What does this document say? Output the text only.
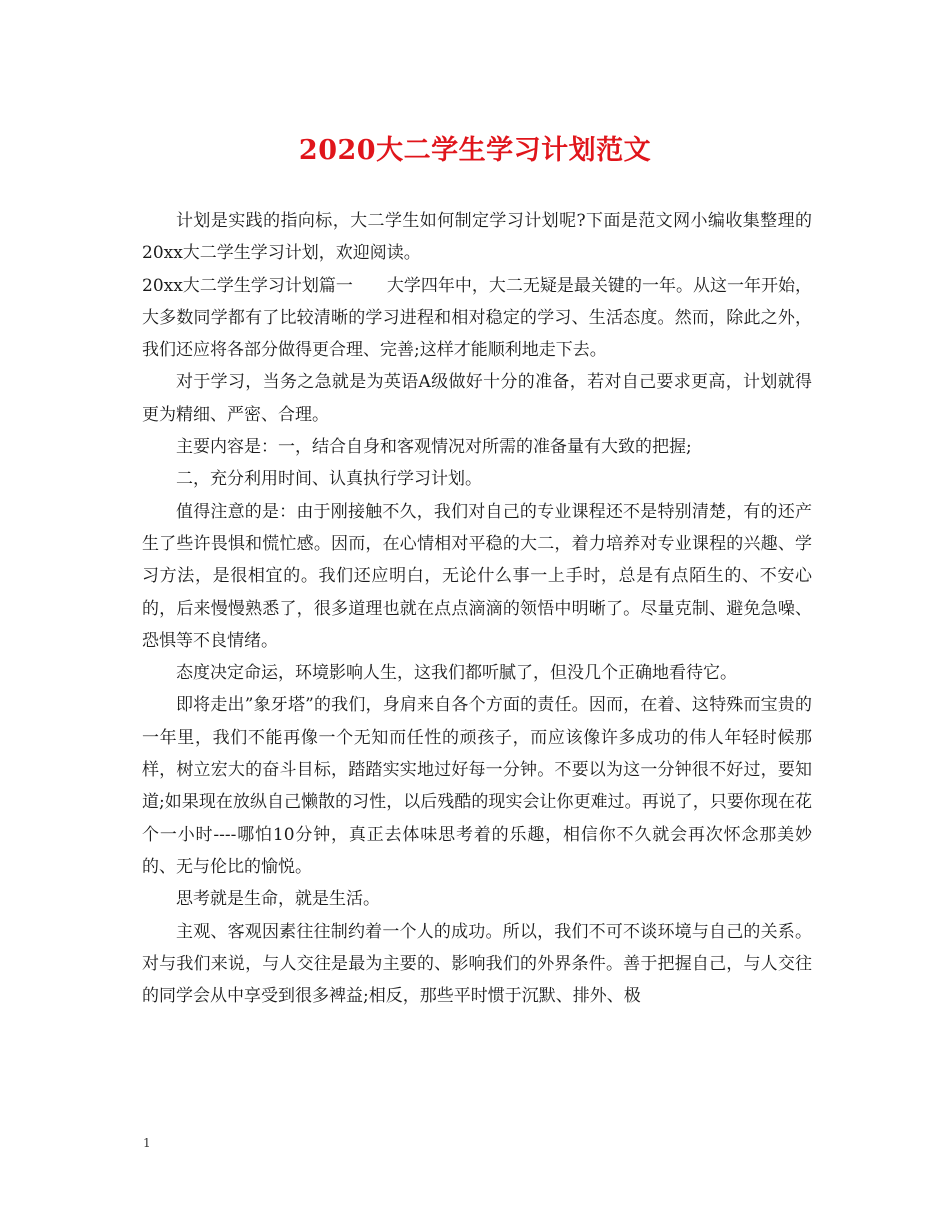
2020大二学生学习计划范文

计划是实践的指向标，大二学生如何制定学习计划呢?下面是范文网小编收集整理的20xx大二学生学习计划，欢迎阅读。

20xx大二学生学习计划篇一　　大学四年中，大二无疑是最关键的一年。从这一年开始，大多数同学都有了比较清晰的学习进程和相对稳定的学习、生活态度。然而，除此之外，我们还应将各部分做得更合理、完善;这样才能顺利地走下去。

对于学习，当务之急就是为英语A级做好十分的准备，若对自己要求更高，计划就得更为精细、严密、合理。

主要内容是：一，结合自身和客观情况对所需的准备量有大致的把握;

二，充分利用时间、认真执行学习计划。

值得注意的是：由于刚接触不久，我们对自己的专业课程还不是特别清楚，有的还产生了些许畏惧和慌忙感。因而，在心情相对平稳的大二，着力培养对专业课程的兴趣、学习方法，是很相宜的。我们还应明白，无论什么事一上手时，总是有点陌生的、不安心的，后来慢慢熟悉了，很多道理也就在点点滴滴的领悟中明晰了。尽量克制、避免急噪、恐惧等不良情绪。

态度决定命运，环境影响人生，这我们都听腻了，但没几个正确地看待它。

即将走出”象牙塔”的我们，身肩来自各个方面的责任。因而，在着、这特殊而宝贵的一年里，我们不能再像一个无知而任性的顽孩子，而应该像许多成功的伟人年轻时候那样，树立宏大的奋斗目标，踏踏实实地过好每一分钟。不要以为这一分钟很不好过，要知道;如果现在放纵自己懒散的习性，以后残酷的现实会让你更难过。再说了，只要你现在花个一小时----哪怕10分钟，真正去体味思考着的乐趣，相信你不久就会再次怀念那美妙的、无与伦比的愉悦。

思考就是生命，就是生活。

主观、客观因素往往制约着一个人的成功。所以，我们不可不谈环境与自己的关系。对与我们来说，与人交往是最为主要的、影响我们的外界条件。善于把握自己，与人交往的同学会从中享受到很多裨益;相反，那些平时惯于沉默、排外、极

1
